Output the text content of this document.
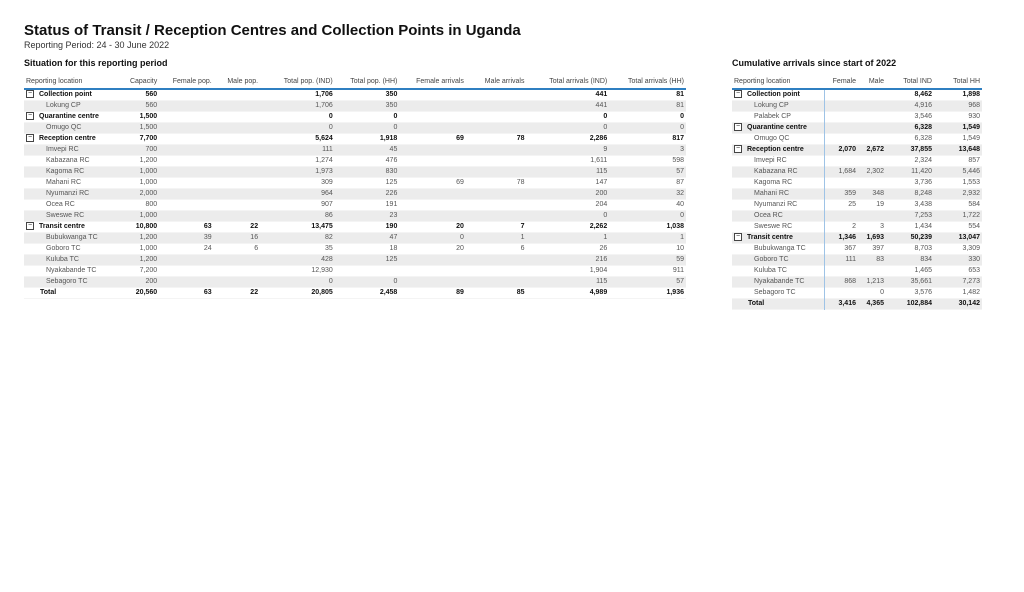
Status of Transit / Reception Centres and Collection Points in Uganda
Reporting Period: 24 - 30 June 2022
Situation for this reporting period	Cumulative arrivals since start of 2022
Reporting location	Capacity	Female pop.	Male pop.	Total pop. (IND)	Total pop. (HH)	Female arrivals	Male arrivals	Total arrivals (IND)	Total arrivals (HH)
− Collection point	560			1,706	350			441	81
Lokung CP	560			1,706	350			441	81
− Quarantine centre	1,500			0	0			0	0
Omugo QC	1,500			0	0			0	0
− Reception centre	7,700			5,624	1,918	69	78	2,286	817
Imvepi RC	700			111	45			9	3
Kabazana RC	1,200			1,274	476			1,611	598
Kagoma RC	1,000			1,973	830			115	57
Mahani RC	1,000			309	125	69	78	147	87
Nyumanzi RC	2,000			964	226			200	32
Ocea RC	800			907	191			204	40
Sweswe RC	1,000			86	23			0	0
− Transit centre	10,800	63	22	13,475	190	20	7	2,262	1,038
Bubukwanga TC	1,200	39	16	82	47	0	1	1	1
Goboro TC	1,000	24	6	35	18	20	6	26	10
Kuluba TC	1,200			428	125			216	59
Nyakabande TC	7,200			12,930				1,904	911
Sebagoro TC	200			0	0			115	57
Total	20,560	63	22	20,805	2,458	89	85	4,989	1,936
Reporting location	Female	Male	Total IND	Total HH
− Collection point			8,462	1,898
Lokung CP			4,916	968
Palabek CP			3,546	930
− Quarantine centre			6,328	1,549
Omugo QC			6,328	1,549
− Reception centre	2,070	2,672	37,855	13,648
Imvepi RC			2,324	857
Kabazana RC	1,684	2,302	11,420	5,446
Kagoma RC			3,736	1,553
Mahani RC	359	348	8,248	2,932
Nyumanzi RC	25	19	3,438	584
Ocea RC			7,253	1,722
Sweswe RC	2	3	1,434	554
− Transit centre	1,346	1,693	50,239	13,047
Bubukwanga TC	367	397	8,703	3,309
Goboro TC	111	83	834	330
Kuluba TC			1,465	653
Nyakabande TC	868	1,213	35,661	7,273
Sebagoro TC		0	3,576	1,482
Total	3,416	4,365	102,884	30,142
